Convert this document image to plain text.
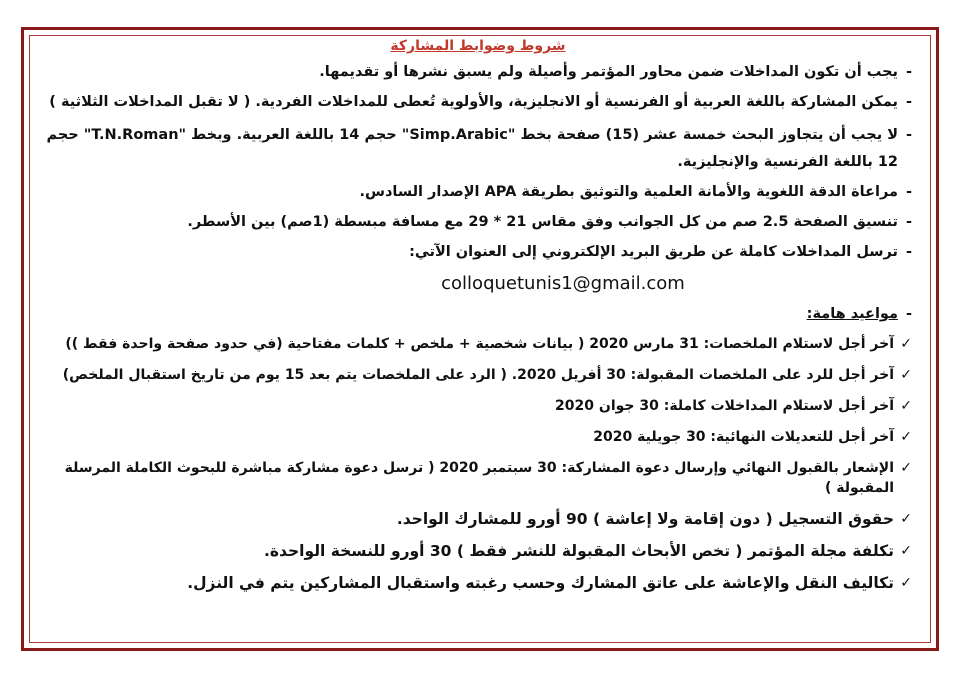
شروط وضوابط المشاركة
-
يجب أن تكون المداخلات ضمن محاور المؤتمر وأصيلة ولم يسبق نشرها أو تقديمها.
-
يمكن المشاركة باللغة العربية أو الفرنسية أو الانجليزية، والأولوية تُعطى للمداخلات الفردية. ( لا تقبل المداخلات الثلاثية )
-
لا يجب أن يتجاوز البحث خمسة عشر (15) صفحة بخط "Simp.Arabic" حجم 14 باللغة العربية. وبخط "T.N.Roman" حجم 12 باللغة الفرنسية والإنجليزية.
-
مراعاة الدقة اللغوية والأمانة العلمية والتوثيق بطريقة APA الإصدار السادس.
-
تنسيق الصفحة 2.5 صم من كل الجوانب وفق مقاس 21 * 29 مع مسافة مبسطة (1صم) بين الأسطر.
-
ترسل المداخلات كاملة عن طريق البريد الإلكتروني إلى العنوان الآتي:
colloquetunis1@gmail.com
-
مواعيد هامة:
✓
آخر أجل لاستلام الملخصات: 31 مارس 2020 ( بيانات شخصية + ملخص + كلمات مفتاحية (في حدود صفحة واحدة فقط ))
✓
آخر أجل للرد على الملخصات المقبولة: 30 أفريل 2020. ( الرد على الملخصات يتم بعد 15 يوم من تاريخ استقبال الملخص)
✓
آخر أجل لاستلام المداخلات كاملة: 30 جوان 2020
✓
آخر أجل للتعديلات النهائية: 30 جويلية 2020
✓
الإشعار بالقبول النهائي وإرسال دعوة المشاركة: 30 سبتمبر 2020 ( ترسل دعوة مشاركة مباشرة للبحوث الكاملة المرسلة المقبولة )
✓
حقوق التسجيل ( دون إقامة ولا إعاشة ) 90 أورو للمشارك الواحد.
✓
تكلفة مجلة المؤتمر ( تخص الأبحاث المقبولة للنشر فقط ) 30 أورو للنسخة الواحدة.
✓
تكاليف النقل والإعاشة على عاتق المشارك وحسب رغبته واستقبال المشاركين يتم في النزل.
